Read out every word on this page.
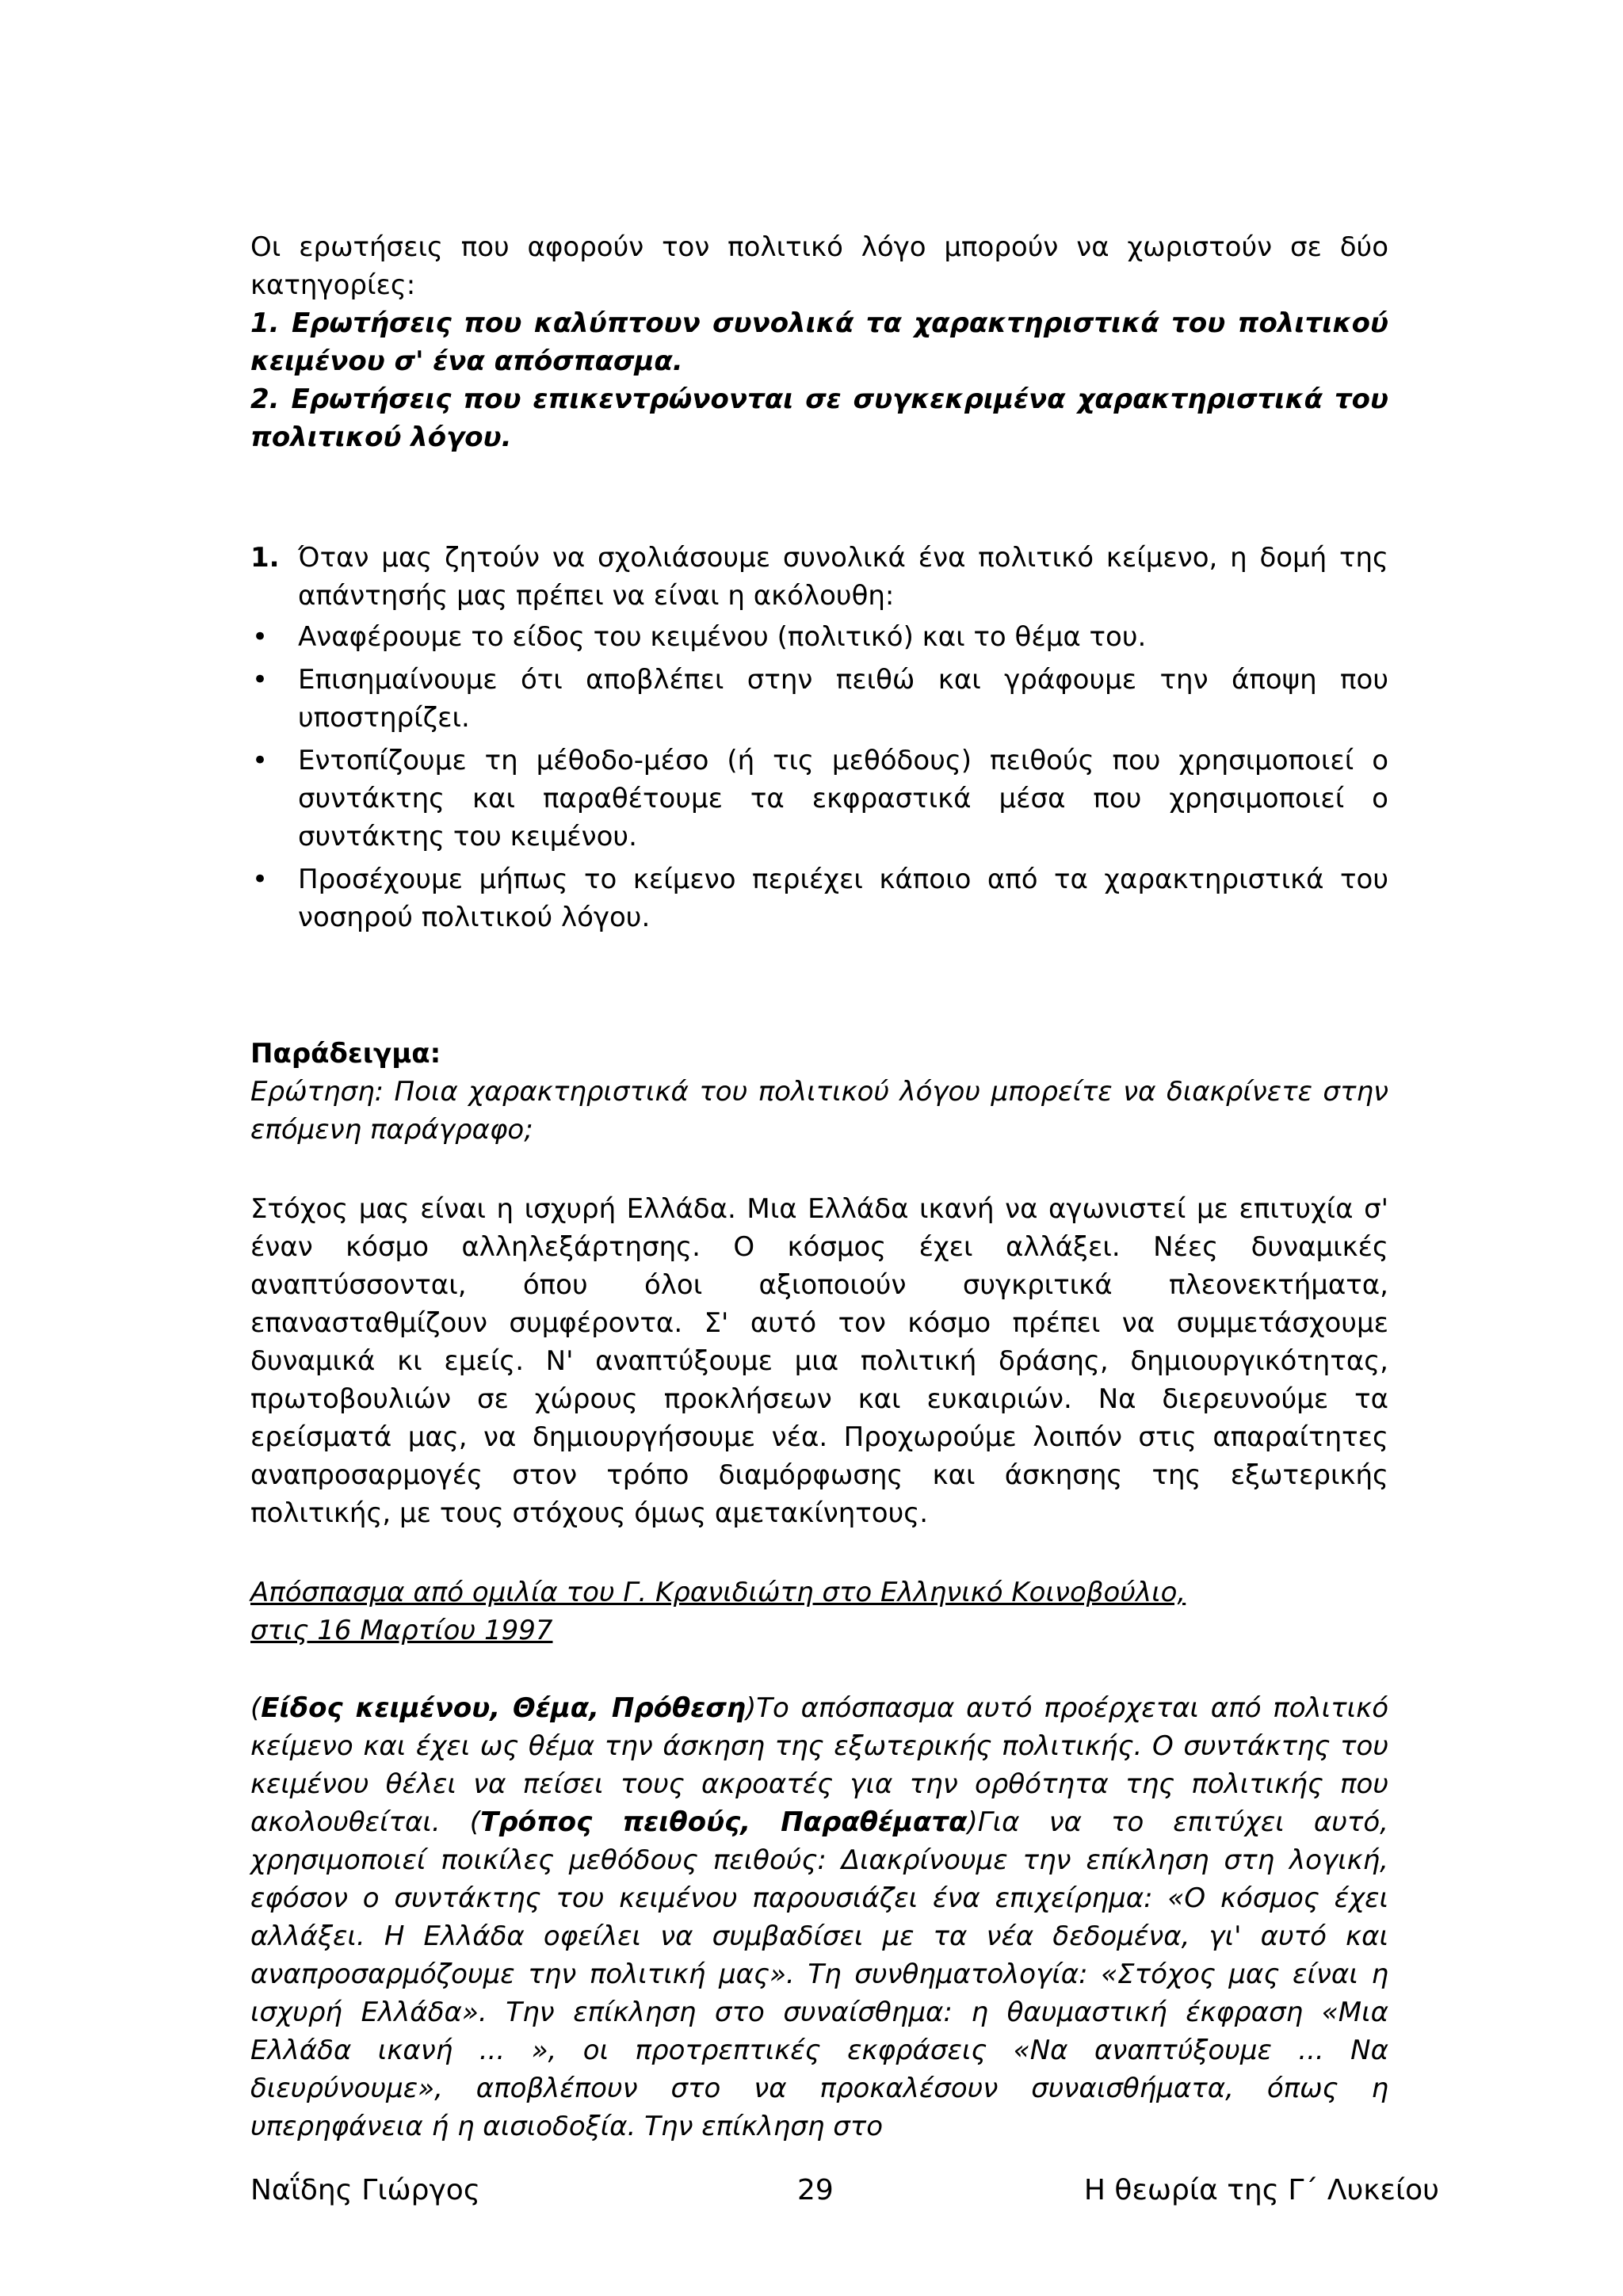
Οι ερωτήσεις που αφορούν τον πολιτικό λόγο μπορούν να χωριστούν σε δύο κατηγορίες:

1. Ερωτήσεις που καλύπτουν συνολικά τα χαρακτηριστικά του πολιτικού κειμένου σ' ένα απόσπασμα.

2. Ερωτήσεις που επικεντρώνονται σε συγκεκριμένα χαρακτηριστικά του πολιτικού λόγου.

1. Όταν μας ζητούν να σχολιάσουμε συνολικά ένα πολιτικό κείμενο, η δομή της απάντησής μας πρέπει να είναι η ακόλουθη:

• Αναφέρουμε το είδος του κειμένου (πολιτικό) και το θέμα του.
• Επισημαίνουμε ότι αποβλέπει στην πειθώ και γράφουμε την άποψη που υποστηρίζει.
• Εντοπίζουμε τη μέθοδο-μέσο (ή τις μεθόδους) πειθούς που χρησιμοποιεί ο συντάκτης και παραθέτουμε τα εκφραστικά μέσα που χρησιμοποιεί ο συντάκτης του κειμένου.
• Προσέχουμε μήπως το κείμενο περιέχει κάποιο από τα χαρακτηριστικά του νοσηρού πολιτικού λόγου.

Παράδειγμα:

Ερώτηση: Ποια χαρακτηριστικά του πολιτικού λόγου μπορείτε να διακρίνετε στην επόμενη παράγραφο;

Στόχος μας είναι η ισχυρή Ελλάδα. Μια Ελλάδα ικανή να αγωνιστεί με επιτυχία σ' έναν κόσμο αλληλεξάρτησης. Ο κόσμος έχει αλλάξει. Νέες δυναμικές αναπτύσσονται, όπου όλοι αξιοποιούν συγκριτικά πλεονεκτήματα, επανασταθμίζουν συμφέροντα. Σ' αυτό τον κόσμο πρέπει να συμμετάσχουμε δυναμικά κι εμείς. Ν' αναπτύξουμε μια πολιτική δράσης, δημιουργικότητας, πρωτοβουλιών σε χώρους προκλήσεων και ευκαιριών. Να διερευνούμε τα ερείσματά μας, να δημιουργήσουμε νέα. Προχωρούμε λοιπόν στις απαραίτητες αναπροσαρμογές στον τρόπο διαμόρφωσης και άσκησης της εξωτερικής πολιτικής, με τους στόχους όμως αμετακίνητους.

Απόσπασμα από ομιλία του Γ. Κρανιδιώτη στο Ελληνικό Κοινοβούλιο,
στις 16 Μαρτίου 1997

(Είδος κειμένου, Θέμα, Πρόθεση)Το απόσπασμα αυτό προέρχεται από πολιτικό κείμενο και έχει ως θέμα την άσκηση της εξωτερικής πολιτικής. Ο συντάκτης του κειμένου θέλει να πείσει τους ακροατές για την ορθότητα της πολιτικής που ακολουθείται. (Τρόπος πειθούς, Παραθέματα)Για να το επιτύχει αυτό, χρησιμοποιεί ποικίλες μεθόδους πειθούς: Διακρίνουμε την επίκληση στη λογική, εφόσον ο συντάκτης του κειμένου παρουσιάζει ένα επιχείρημα: «Ο κόσμος έχει αλλάξει. Η Ελλάδα οφείλει να συμβαδίσει με τα νέα δεδομένα, γι' αυτό και αναπροσαρμόζουμε την πολιτική μας». Τη συνθηματολογία: «Στόχος μας είναι η ισχυρή Ελλάδα». Την επίκληση στο συναίσθημα: η θαυμαστική έκφραση «Μια Ελλάδα ικανή ... », οι προτρεπτικές εκφράσεις «Να αναπτύξουμε ... Να διευρύνουμε», αποβλέπουν στο να προκαλέσουν συναισθήματα, όπως η υπερηφάνεια ή η αισιοδοξία. Την επίκληση στο

Ναΐδης Γιώργος	29	Η θεωρία της Γ΄ Λυκείου
